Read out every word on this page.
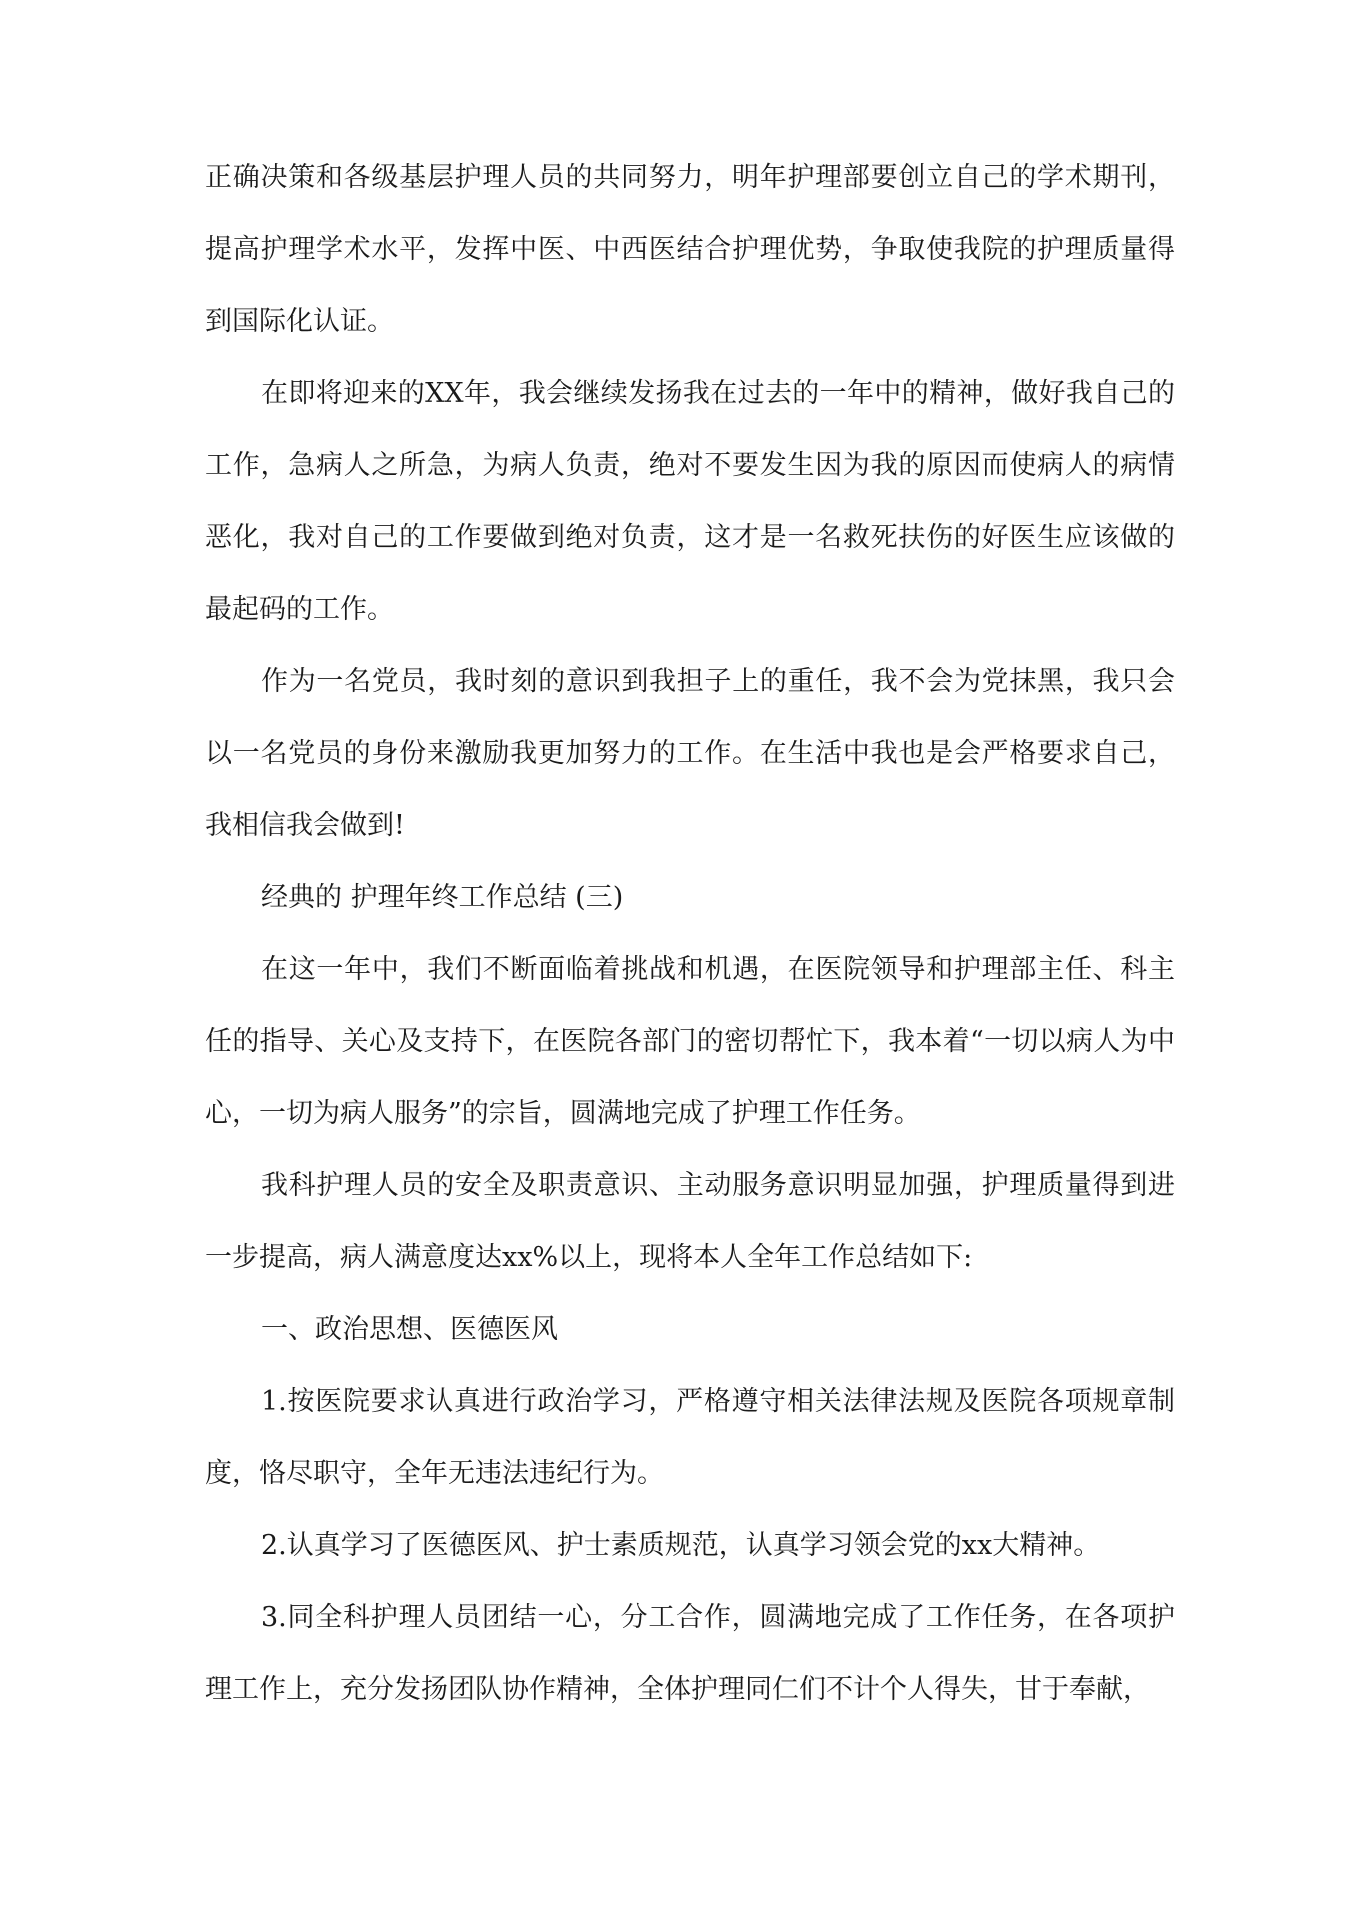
正确决策和各级基层护理人员的共同努力，明年护理部要创立自己的学术期刊，提高护理学术水平，发挥中医、中西医结合护理优势，争取使我院的护理质量得到国际化认证。

在即将迎来的XX年，我会继续发扬我在过去的一年中的精神，做好我自己的工作，急病人之所急，为病人负责，绝对不要发生因为我的原因而使病人的病情恶化，我对自己的工作要做到绝对负责，这才是一名救死扶伤的好医生应该做的最起码的工作。

作为一名党员，我时刻的意识到我担子上的重任，我不会为党抹黑，我只会以一名党员的身份来激励我更加努力的工作。在生活中我也是会严格要求自己，我相信我会做到!

经典的 护理年终工作总结 (三)

在这一年中，我们不断面临着挑战和机遇，在医院领导和护理部主任、科主任的指导、关心及支持下，在医院各部门的密切帮忙下，我本着“一切以病人为中心，一切为病人服务”的宗旨，圆满地完成了护理工作任务。

我科护理人员的安全及职责意识、主动服务意识明显加强，护理质量得到进一步提高，病人满意度达xx%以上，现将本人全年工作总结如下:

一、政治思想、医德医风

1.按医院要求认真进行政治学习，严格遵守相关法律法规及医院各项规章制度，恪尽职守，全年无违法违纪行为。

2.认真学习了医德医风、护士素质规范，认真学习领会党的xx大精神。

3.同全科护理人员团结一心，分工合作，圆满地完成了工作任务，在各项护理工作上，充分发扬团队协作精神，全体护理同仁们不计个人得失，甘于奉献，
